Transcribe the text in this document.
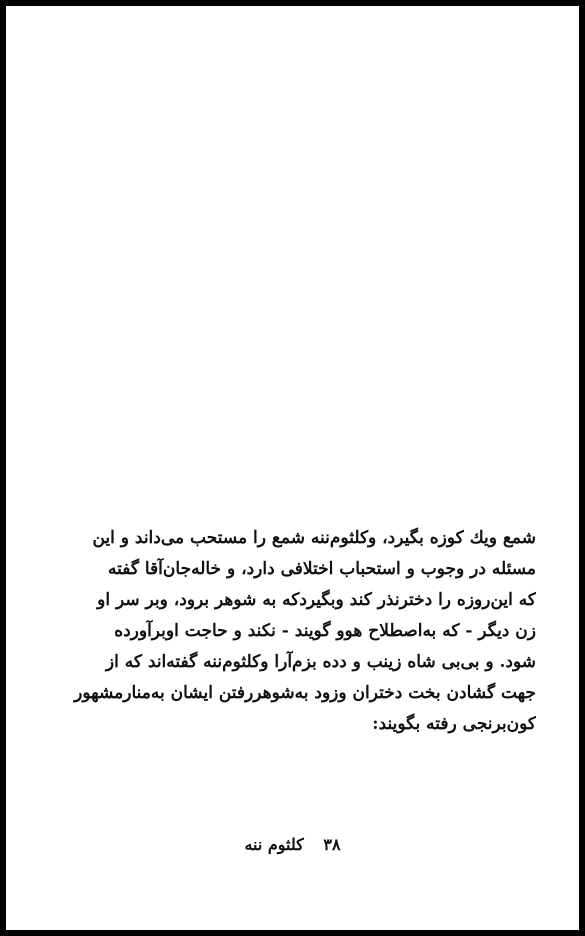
شمع ویك کوزه بگیرد، وکلثوم‌ننه شمع را مستحب می‌داند و این
مسئله در وجوب و استحباب اختلافی دارد، و خاله‌جان‌آقا گفته
که این‌روزه را دخترنذر کند وبگیردکه به شوهر برود، وبر سر او
زن دیگر - که به‌اصطلاح هوو گویند - نکند و حاجت اوبرآورده
شود. و بی‌بی شاه زینب و دده بزم‌آرا وکلثوم‌ننه گفته‌اند که از
جهت گشادن بخت دختران وزود به‌شوهررفتن ایشان به‌منارمشهور
کون‌برنجی رفته بگویند:
۳۸ کلثوم ننه
